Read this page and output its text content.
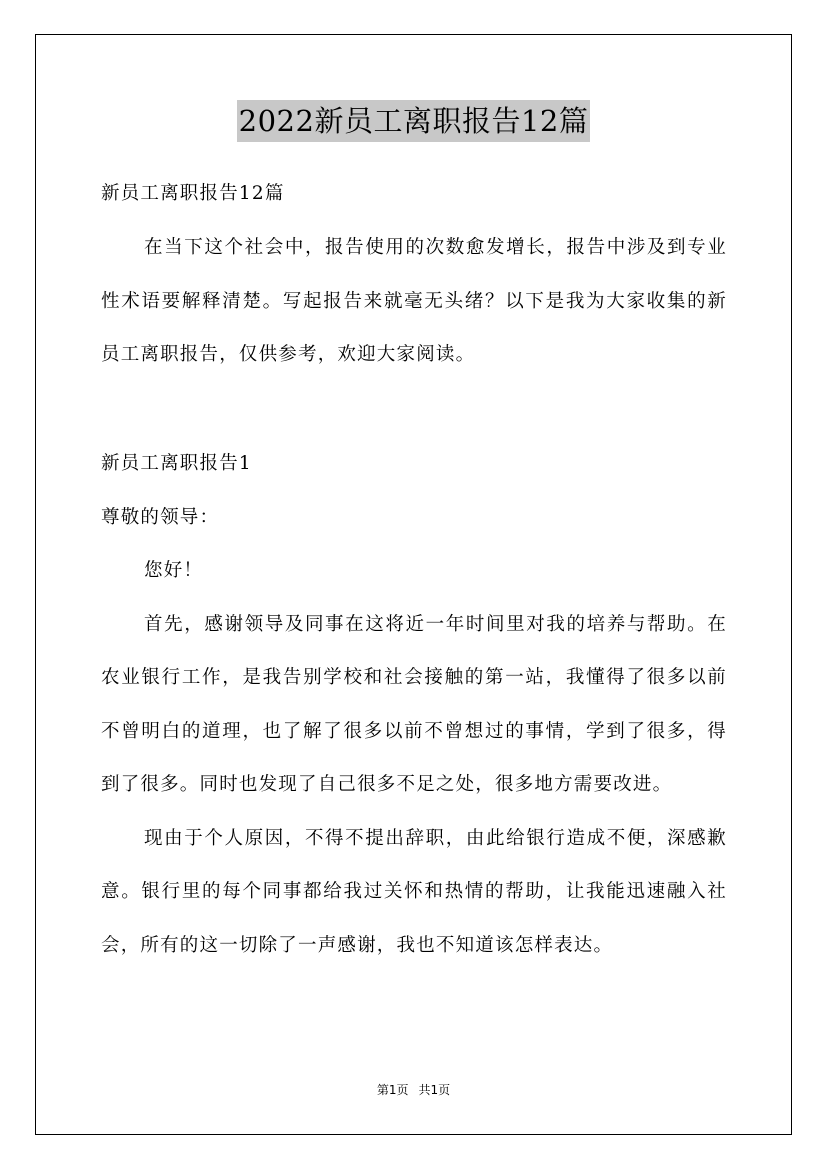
2022新员工离职报告12篇

新员工离职报告12篇

在当下这个社会中，报告使用的次数愈发增长，报告中涉及到专业性术语要解释清楚。写起报告来就毫无头绪？以下是我为大家收集的新员工离职报告，仅供参考，欢迎大家阅读。

新员工离职报告1

尊敬的领导：

您好！

首先，感谢领导及同事在这将近一年时间里对我的培养与帮助。在农业银行工作，是我告别学校和社会接触的第一站，我懂得了很多以前不曾明白的道理，也了解了很多以前不曾想过的事情，学到了很多，得到了很多。同时也发现了自己很多不足之处，很多地方需要改进。

现由于个人原因，不得不提出辞职，由此给银行造成不便，深感歉意。银行里的每个同事都给我过关怀和热情的帮助，让我能迅速融入社会，所有的这一切除了一声感谢，我也不知道该怎样表达。

第1页 共1页
